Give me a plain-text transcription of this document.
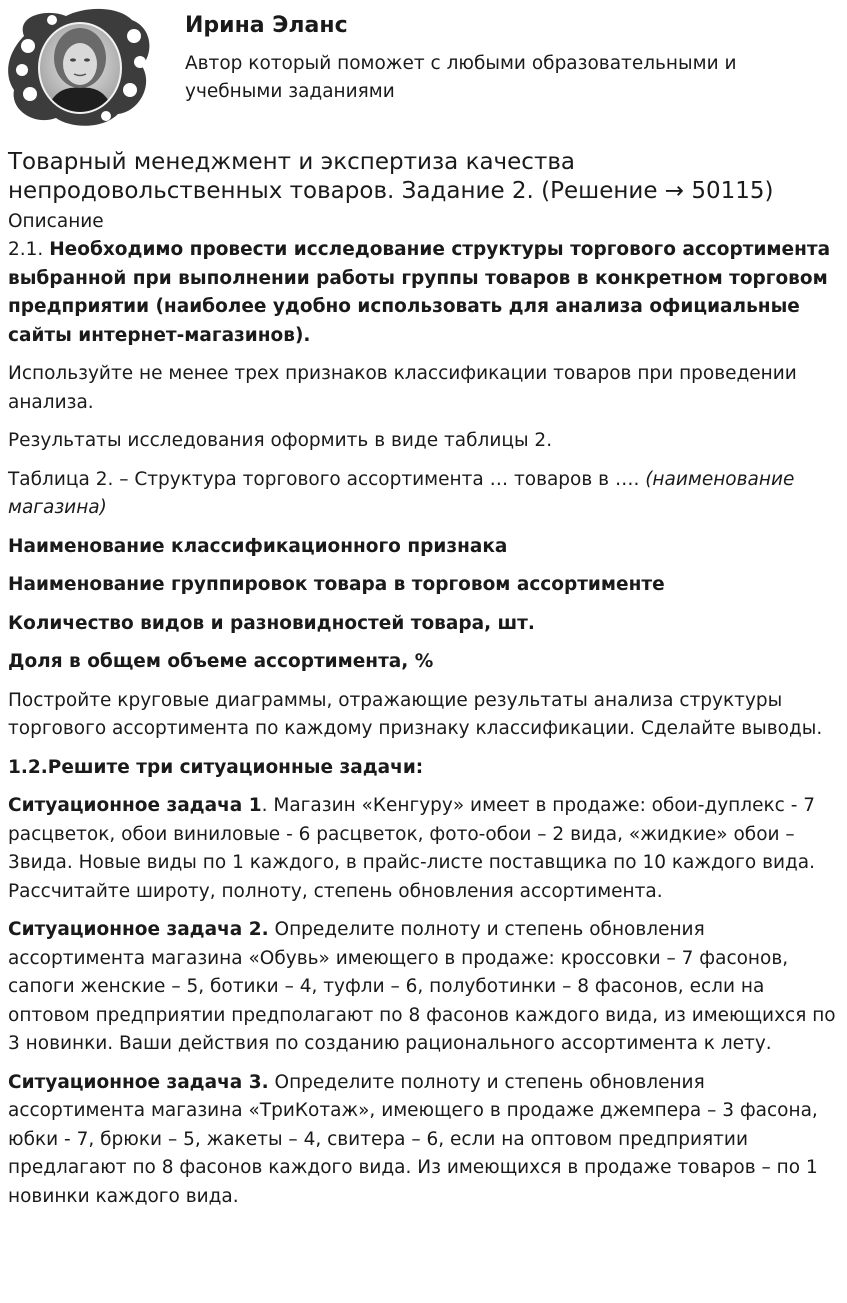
Ирина Эланс
Автор который поможет с любыми образовательными и учебными заданиями
Товарный менеджмент и экспертиза качества непродовольственных товаров. Задание 2. (Решение → 50115)
Описание

2.1. Необходимо провести исследование структуры торгового ассортимента выбранной при выполнении работы группы товаров в конкретном торговом предприятии (наиболее удобно использовать для анализа официальные сайты интернет-магазинов).

Используйте не менее трех признаков классификации товаров при проведении анализа.

Результаты исследования оформить в виде таблицы 2.

Таблица 2. – Структура торгового ассортимента … товаров в …. (наименование магазина)

Наименование классификационного признака

Наименование группировок товара в торговом ассортименте

Количество видов и разновидностей товара, шт.

Доля в общем объеме ассортимента, %

Постройте круговые диаграммы, отражающие результаты анализа структуры торгового ассортимента по каждому признаку классификации. Сделайте выводы.

1.2.Решите три ситуационные задачи:

Ситуационное задача 1. Магазин «Кенгуру» имеет в продаже: обои-дуплекс - 7 расцветок, обои виниловые - 6 расцветок, фото-обои – 2 вида, «жидкие» обои – 3вида. Новые виды по 1 каждого, в прайс-листе поставщика по 10 каждого вида. Рассчитайте широту, полноту, степень обновления ассортимента.

Ситуационное задача 2. Определите полноту и степень обновления ассортимента магазина «Обувь» имеющего в продаже: кроссовки – 7 фасонов, сапоги женские – 5, ботики – 4, туфли – 6, полуботинки – 8 фасонов, если на оптовом предприятии предполагают по 8 фасонов каждого вида, из имеющихся по 3 новинки. Ваши действия по созданию рационального ассортимента к лету.

Ситуационное задача 3. Определите полноту и степень обновления ассортимента магазина «ТриКотаж», имеющего в продаже джемпера – 3 фасона, юбки - 7, брюки – 5, жакеты – 4, свитера – 6, если на оптовом предприятии предлагают по 8 фасонов каждого вида. Из имеющихся в продаже товаров – по 1 новинки каждого вида.
